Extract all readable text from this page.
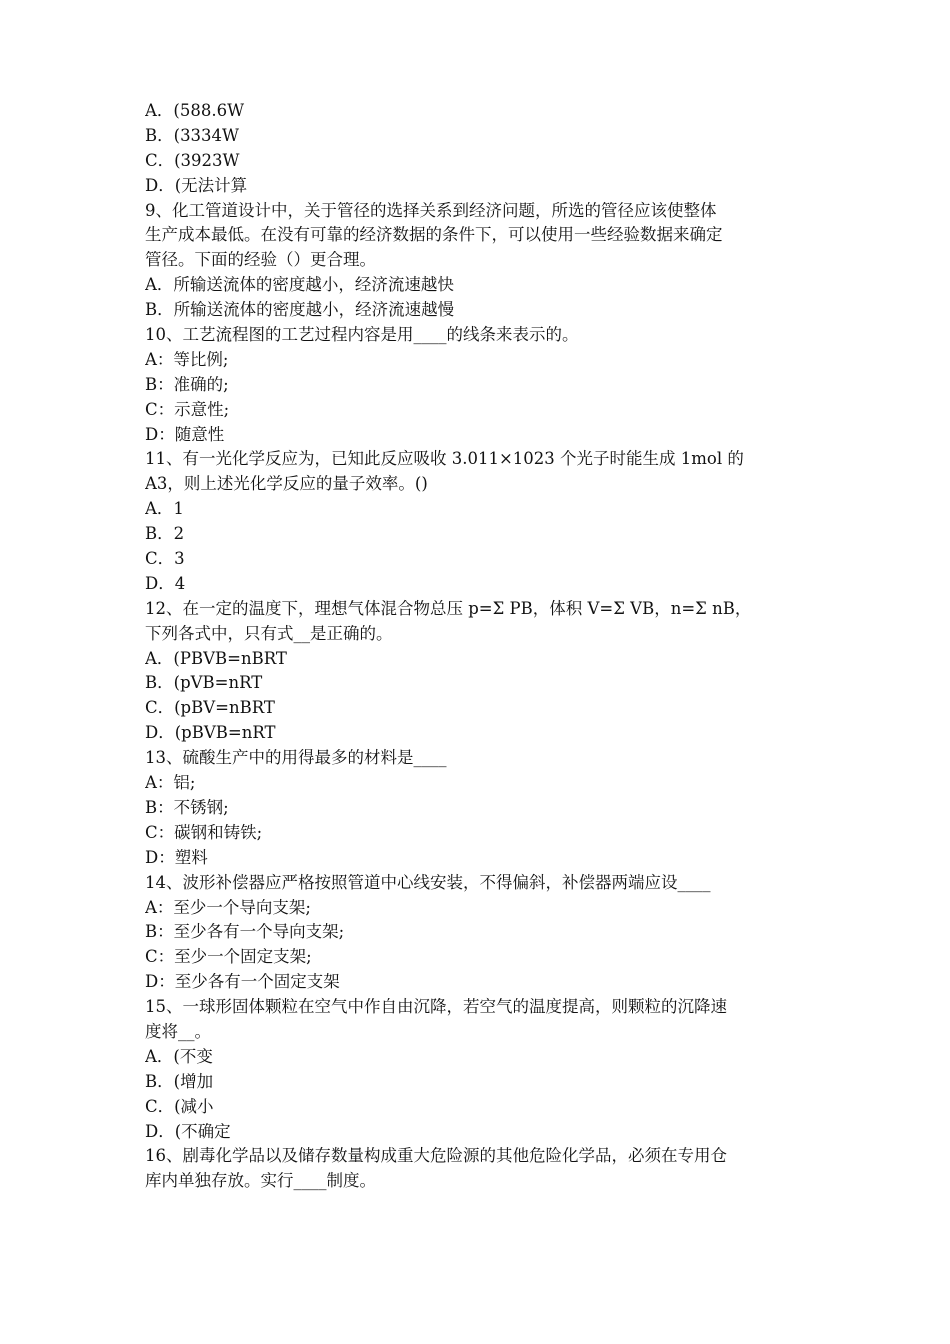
A．(588.6W
B．(3334W
C．(3923W
D．(无法计算
9、化工管道设计中，关于管径的选择关系到经济问题，所选的管径应该使整体
生产成本最低。在没有可靠的经济数据的条件下，可以使用一些经验数据来确定
管径。下面的经验（）更合理。
A．所输送流体的密度越小，经济流速越快
B．所输送流体的密度越小，经济流速越慢
10、工艺流程图的工艺过程内容是用____的线条来表示的。
A：等比例;
B：准确的;
C：示意性;
D：随意性
11、有一光化学反应为，已知此反应吸收 3.011×1023 个光子时能生成 1mol 的
A3，则上述光化学反应的量子效率。()
A．1
B．2
C．3
D．4
12、在一定的温度下，理想气体混合物总压 p=Σ PB，体积 V=Σ VB，n=Σ nB，
下列各式中，只有式__是正确的。
A．(PBVB=nBRT
B．(pVB=nRT
C．(pBV=nBRT
D．(pBVB=nRT
13、硫酸生产中的用得最多的材料是____
A：铝;
B：不锈钢;
C：碳钢和铸铁;
D：塑料
14、波形补偿器应严格按照管道中心线安装，不得偏斜，补偿器两端应设____
A：至少一个导向支架;
B：至少各有一个导向支架;
C：至少一个固定支架;
D：至少各有一个固定支架
15、一球形固体颗粒在空气中作自由沉降，若空气的温度提高，则颗粒的沉降速
度将__。
A．(不变
B．(增加
C．(减小
D．(不确定
16、剧毒化学品以及储存数量构成重大危险源的其他危险化学品，必须在专用仓
库内单独存放。实行____制度。
